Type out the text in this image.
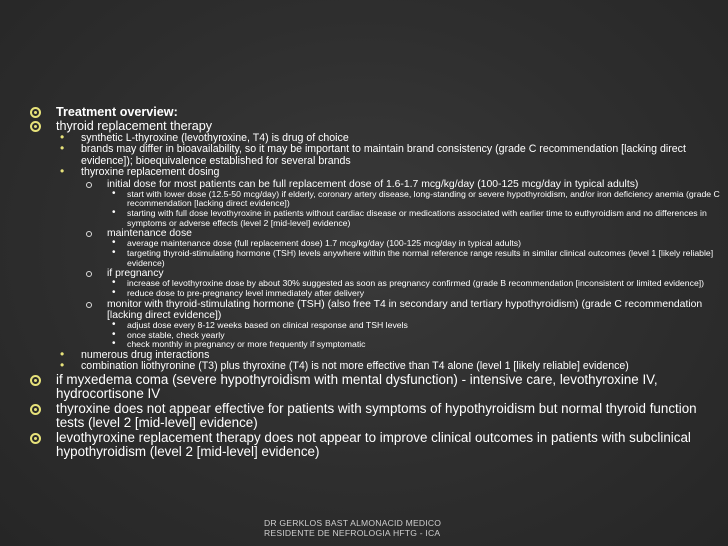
Treatment overview:
thyroid replacement therapy
• synthetic L-thyroxine (levothyroxine, T4) is drug of choice
• brands may differ in bioavailability, so it may be important to maintain brand consistency (grade C recommendation [lacking direct evidence]); bioequivalence established for several brands
• thyroxine replacement dosing
initial dose for most patients can be full replacement dose of 1.6-1.7 mcg/kg/day (100-125 mcg/day in typical adults)
• start with lower dose (12.5-50 mcg/day) if elderly, coronary artery disease, long-standing or severe hypothyroidism, and/or iron deficiency anemia (grade C recommendation [lacking direct evidence])
• starting with full dose levothyroxine in patients without cardiac disease or medications associated with earlier time to euthyroidism and no differences in symptoms or adverse effects (level 2 [mid-level] evidence)
maintenance dose
• average maintenance dose (full replacement dose) 1.7 mcg/kg/day (100-125 mcg/day in typical adults)
• targeting thyroid-stimulating hormone (TSH) levels anywhere within the normal reference range results in similar clinical outcomes (level 1 [likely reliable] evidence)
if pregnancy
• increase of levothyroxine dose by about 30% suggested as soon as pregnancy confirmed (grade B recommendation [inconsistent or limited evidence])
• reduce dose to pre-pregnancy level immediately after delivery
monitor with thyroid-stimulating hormone (TSH) (also free T4 in secondary and tertiary hypothyroidism) (grade C recommendation [lacking direct evidence])
• adjust dose every 8-12 weeks based on clinical response and TSH levels
• once stable, check yearly
• check monthly in pregnancy or more frequently if symptomatic
• numerous drug interactions
• combination liothyronine (T3) plus thyroxine (T4) is not more effective than T4 alone (level 1 [likely reliable] evidence)
if myxedema coma (severe hypothyroidism with mental dysfunction) - intensive care, levothyroxine IV, hydrocortisone IV
thyroxine does not appear effective for patients with symptoms of hypothyroidism but normal thyroid function tests (level 2 [mid-level] evidence)
levothyroxine replacement therapy does not appear to improve clinical outcomes in patients with subclinical hypothyroidism (level 2 [mid-level] evidence)
DR GERKLOS BAST ALMONACID MEDICO
RESIDENTE DE NEFROLOGIA HFTG - ICA
